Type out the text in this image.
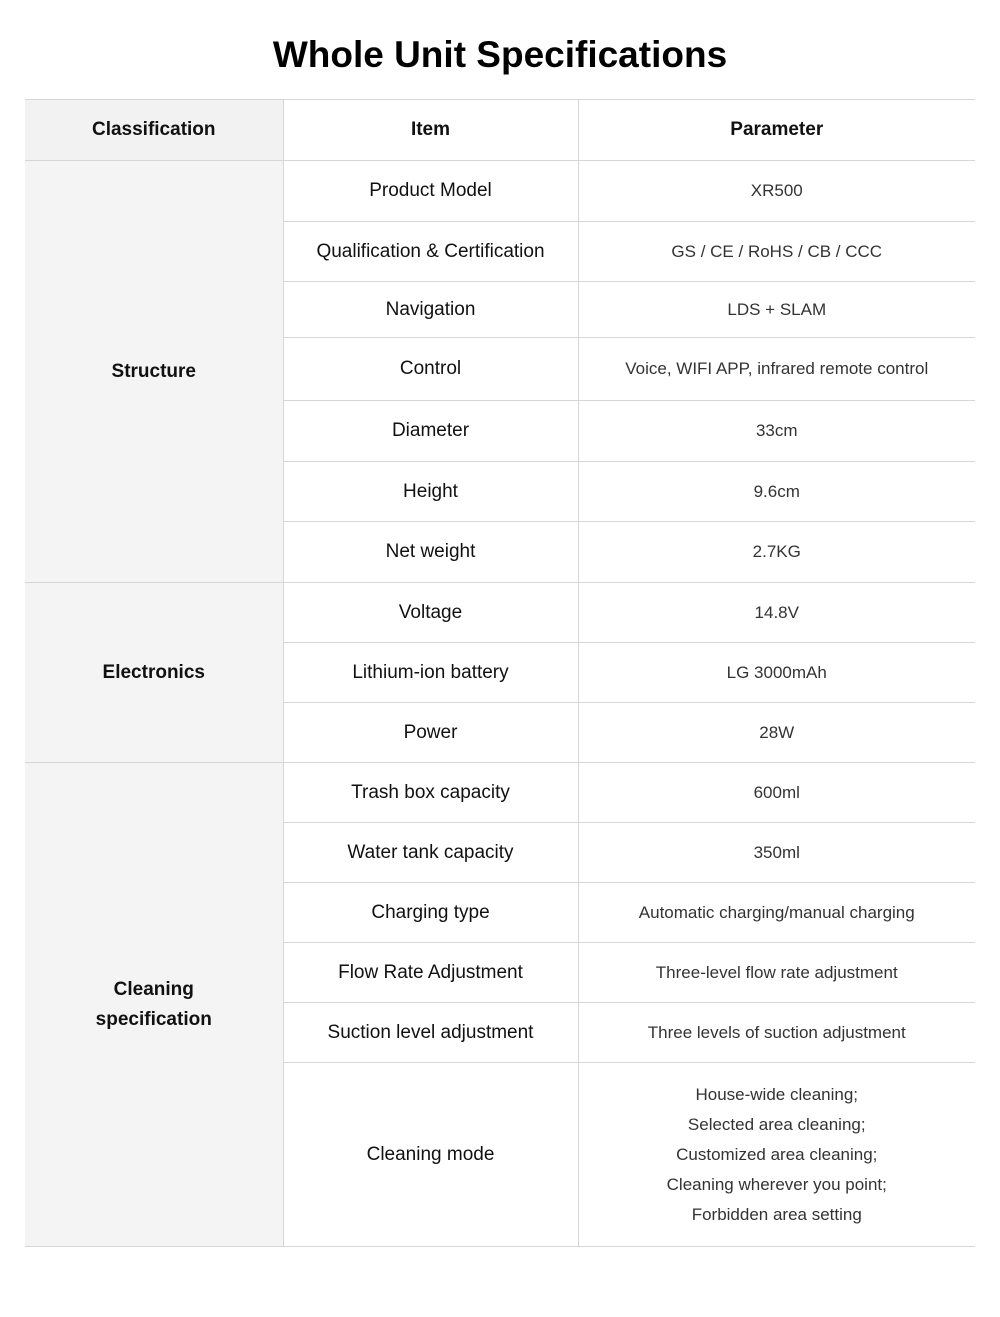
Whole Unit Specifications
Classification	Item	Parameter
Structure	Product Model	XR500
	Qualification & Certification	GS / CE / RoHS / CB / CCC
	Navigation	LDS + SLAM
	Control	Voice, WIFI APP, infrared remote control
	Diameter	33cm
	Height	9.6cm
	Net weight	2.7KG
Electronics	Voltage	14.8V
	Lithium-ion battery	LG 3000mAh
	Power	28W
Cleaning specification	Trash box capacity	600ml
	Water tank capacity	350ml
	Charging type	Automatic charging/manual charging
	Flow Rate Adjustment	Three-level flow rate adjustment
	Suction level adjustment	Three levels of suction adjustment
	Cleaning mode	House-wide cleaning;
Selected area cleaning;
Customized area cleaning;
Cleaning wherever you point;
Forbidden area setting
